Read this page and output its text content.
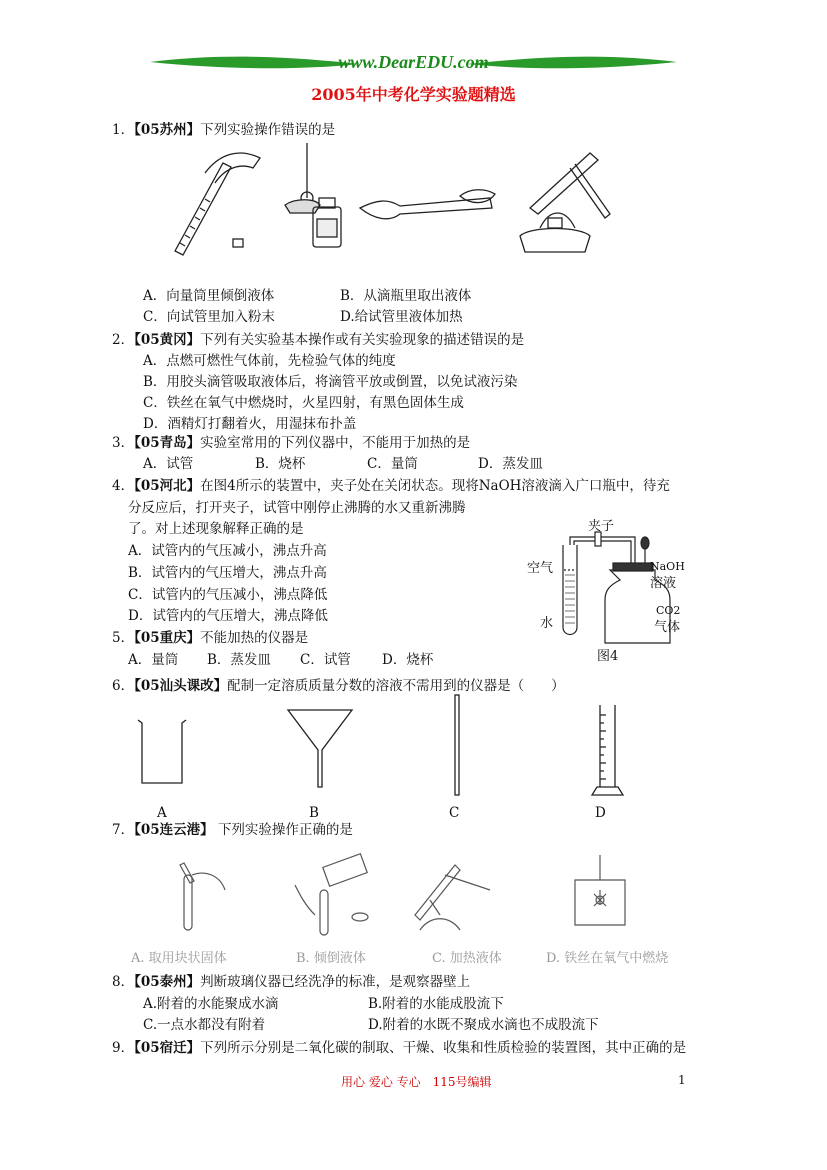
www.DearEDU.com
2005年中考化学实验题精选
1．【05苏州】下列实验操作错误的是
A．向量筒里倾倒液体	B．从滴瓶里取出液体
C．向试管里加入粉末	D.给试管里液体加热
2．【05黄冈】下列有关实验基本操作或有关实验现象的描述错误的是
A．点燃可燃性气体前，先检验气体的纯度
B．用胶头滴管吸取液体后，将滴管平放或倒置，以免试液污染
C．铁丝在氧气中燃烧时，火星四射，有黑色固体生成
D．酒精灯打翻着火，用湿抹布扑盖
3．【05青岛】实验室常用的下列仪器中，不能用于加热的是
A．试管	B．烧杯	C．量筒	D．蒸发皿
4．【05河北】在图4所示的装置中，夹子处在关闭状态。现将NaOH溶液滴入广口瓶中，待充
分反应后，打开夹子，试管中刚停止沸腾的水又重新沸腾
了。对上述现象解释正确的是
A．试管内的气压减小，沸点升高
B．试管内的气压增大，沸点升高
C．试管内的气压减小，沸点降低
D．试管内的气压增大，沸点降低
夹子
空气
水
NaOH
溶液
CO2
气体
图4
5．【05重庆】不能加热的仪器是
A．量筒 B．蒸发皿 C．试管 D．烧杯
6．【05汕头课改】配制一定溶质质量分数的溶液不需用到的仪器是（　　）
A	B	C	D
7．【05连云港】 下列实验操作正确的是
A. 取用块状固体	B. 倾倒液体	C. 加热液体	D. 铁丝在氧气中燃烧
8．【05泰州】判断玻璃仪器已经洗净的标准，是观察器壁上
A.附着的水能聚成水滴	B.附着的水能成股流下
C.一点水都没有附着	D.附着的水既不聚成水滴也不成股流下
9．【05宿迁】下列所示分别是二氧化碳的制取、干燥、收集和性质检验的装置图，其中正确的是
用心 爱心 专心　115号编辑	1
